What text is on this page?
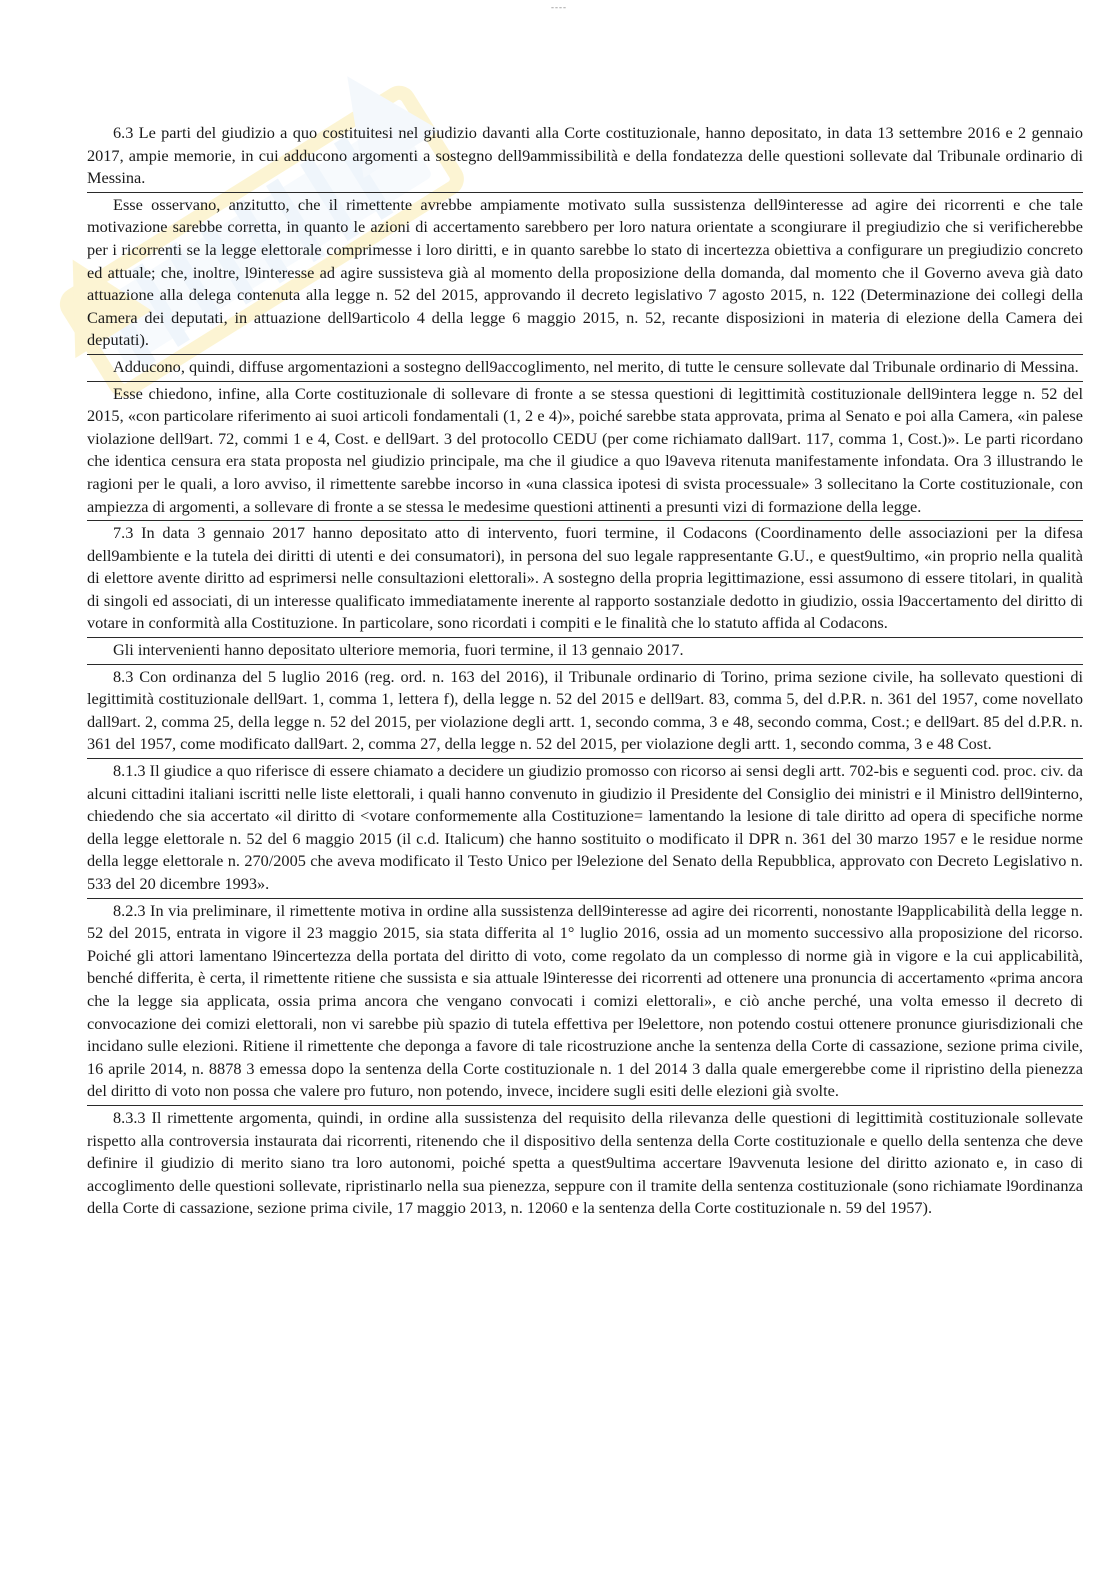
----

6.3 Le parti del giudizio a quo costituitesi nel giudizio davanti alla Corte costituzionale, hanno depositato, in data 13 settembre 2016 e 2 gennaio 2017, ampie memorie, in cui adducono argomenti a sostegno dell9ammissibilità e della fondatezza delle questioni sollevate dal Tribunale ordinario di Messina.

Esse osservano, anzitutto, che il rimettente avrebbe ampiamente motivato sulla sussistenza dell9interesse ad agire dei ricorrenti e che tale motivazione sarebbe corretta, in quanto le azioni di accertamento sarebbero per loro natura orientate a scongiurare il pregiudizio che si verificherebbe per i ricorrenti se la legge elettorale comprimesse i loro diritti, e in quanto sarebbe lo stato di incertezza obiettiva a configurare un pregiudizio concreto ed attuale; che, inoltre, l9interesse ad agire sussisteva già al momento della proposizione della domanda, dal momento che il Governo aveva già dato attuazione alla delega contenuta alla legge n. 52 del 2015, approvando il decreto legislativo 7 agosto 2015, n. 122 (Determinazione dei collegi della Camera dei deputati, in attuazione dell9articolo 4 della legge 6 maggio 2015, n. 52, recante disposizioni in materia di elezione della Camera dei deputati).

Adducono, quindi, diffuse argomentazioni a sostegno dell9accoglimento, nel merito, di tutte le censure sollevate dal Tribunale ordinario di Messina.

Esse chiedono, infine, alla Corte costituzionale di sollevare di fronte a se stessa questioni di legittimità costituzionale dell9intera legge n. 52 del 2015, «con particolare riferimento ai suoi articoli fondamentali (1, 2 e 4)», poiché sarebbe stata approvata, prima al Senato e poi alla Camera, «in palese violazione dell9art. 72, commi 1 e 4, Cost. e dell9art. 3 del protocollo CEDU (per come richiamato dall9art. 117, comma 1, Cost.)». Le parti ricordano che identica censura era stata proposta nel giudizio principale, ma che il giudice a quo l9aveva ritenuta manifestamente infondata. Ora 3 illustrando le ragioni per le quali, a loro avviso, il rimettente sarebbe incorso in «una classica ipotesi di svista processuale» 3 sollecitano la Corte costituzionale, con ampiezza di argomenti, a sollevare di fronte a se stessa le medesime questioni attinenti a presunti vizi di formazione della legge.

7.3 In data 3 gennaio 2017 hanno depositato atto di intervento, fuori termine, il Codacons (Coordinamento delle associazioni per la difesa dell9ambiente e la tutela dei diritti di utenti e dei consumatori), in persona del suo legale rappresentante G.U., e quest9ultimo, «in proprio nella qualità di elettore avente diritto ad esprimersi nelle consultazioni elettorali». A sostegno della propria legittimazione, essi assumono di essere titolari, in qualità di singoli ed associati, di un interesse qualificato immediatamente inerente al rapporto sostanziale dedotto in giudizio, ossia l9accertamento del diritto di votare in conformità alla Costituzione. In particolare, sono ricordati i compiti e le finalità che lo statuto affida al Codacons.

Gli intervenienti hanno depositato ulteriore memoria, fuori termine, il 13 gennaio 2017.

8.3 Con ordinanza del 5 luglio 2016 (reg. ord. n. 163 del 2016), il Tribunale ordinario di Torino, prima sezione civile, ha sollevato questioni di legittimità costituzionale dell9art. 1, comma 1, lettera f), della legge n. 52 del 2015 e dell9art. 83, comma 5, del d.P.R. n. 361 del 1957, come novellato dall9art. 2, comma 25, della legge n. 52 del 2015, per violazione degli artt. 1, secondo comma, 3 e 48, secondo comma, Cost.; e dell9art. 85 del d.P.R. n. 361 del 1957, come modificato dall9art. 2, comma 27, della legge n. 52 del 2015, per violazione degli artt. 1, secondo comma, 3 e 48 Cost.

8.1.3 Il giudice a quo riferisce di essere chiamato a decidere un giudizio promosso con ricorso ai sensi degli artt. 702-bis e seguenti cod. proc. civ. da alcuni cittadini italiani iscritti nelle liste elettorali, i quali hanno convenuto in giudizio il Presidente del Consiglio dei ministri e il Ministro dell9interno, chiedendo che sia accertato «il diritto di <votare conformemente alla Costituzione= lamentando la lesione di tale diritto ad opera di specifiche norme della legge elettorale n. 52 del 6 maggio 2015 (il c.d. Italicum) che hanno sostituito o modificato il DPR n. 361 del 30 marzo 1957 e le residue norme della legge elettorale n. 270/2005 che aveva modificato il Testo Unico per l9elezione del Senato della Repubblica, approvato con Decreto Legislativo n. 533 del 20 dicembre 1993».

8.2.3 In via preliminare, il rimettente motiva in ordine alla sussistenza dell9interesse ad agire dei ricorrenti, nonostante l9applicabilità della legge n. 52 del 2015, entrata in vigore il 23 maggio 2015, sia stata differita al 1° luglio 2016, ossia ad un momento successivo alla proposizione del ricorso. Poiché gli attori lamentano l9incertezza della portata del diritto di voto, come regolato da un complesso di norme già in vigore e la cui applicabilità, benché differita, è certa, il rimettente ritiene che sussista e sia attuale l9interesse dei ricorrenti ad ottenere una pronuncia di accertamento «prima ancora che la legge sia applicata, ossia prima ancora che vengano convocati i comizi elettorali», e ciò anche perché, una volta emesso il decreto di convocazione dei comizi elettorali, non vi sarebbe più spazio di tutela effettiva per l9elettore, non potendo costui ottenere pronunce giurisdizionali che incidano sulle elezioni. Ritiene il rimettente che deponga a favore di tale ricostruzione anche la sentenza della Corte di cassazione, sezione prima civile, 16 aprile 2014, n. 8878 3 emessa dopo la sentenza della Corte costituzionale n. 1 del 2014 3 dalla quale emergerebbe come il ripristino della pienezza del diritto di voto non possa che valere pro futuro, non potendo, invece, incidere sugli esiti delle elezioni già svolte.

8.3.3 Il rimettente argomenta, quindi, in ordine alla sussistenza del requisito della rilevanza delle questioni di legittimità costituzionale sollevate rispetto alla controversia instaurata dai ricorrenti, ritenendo che il dispositivo della sentenza della Corte costituzionale e quello della sentenza che deve definire il giudizio di merito siano tra loro autonomi, poiché spetta a quest9ultima accertare l9avvenuta lesione del diritto azionato e, in caso di accoglimento delle questioni sollevate, ripristinarlo nella sua pienezza, seppure con il tramite della sentenza costituzionale (sono richiamate l9ordinanza della Corte di cassazione, sezione prima civile, 17 maggio 2013, n. 12060 e la sentenza della Corte costituzionale n. 59 del 1957).
